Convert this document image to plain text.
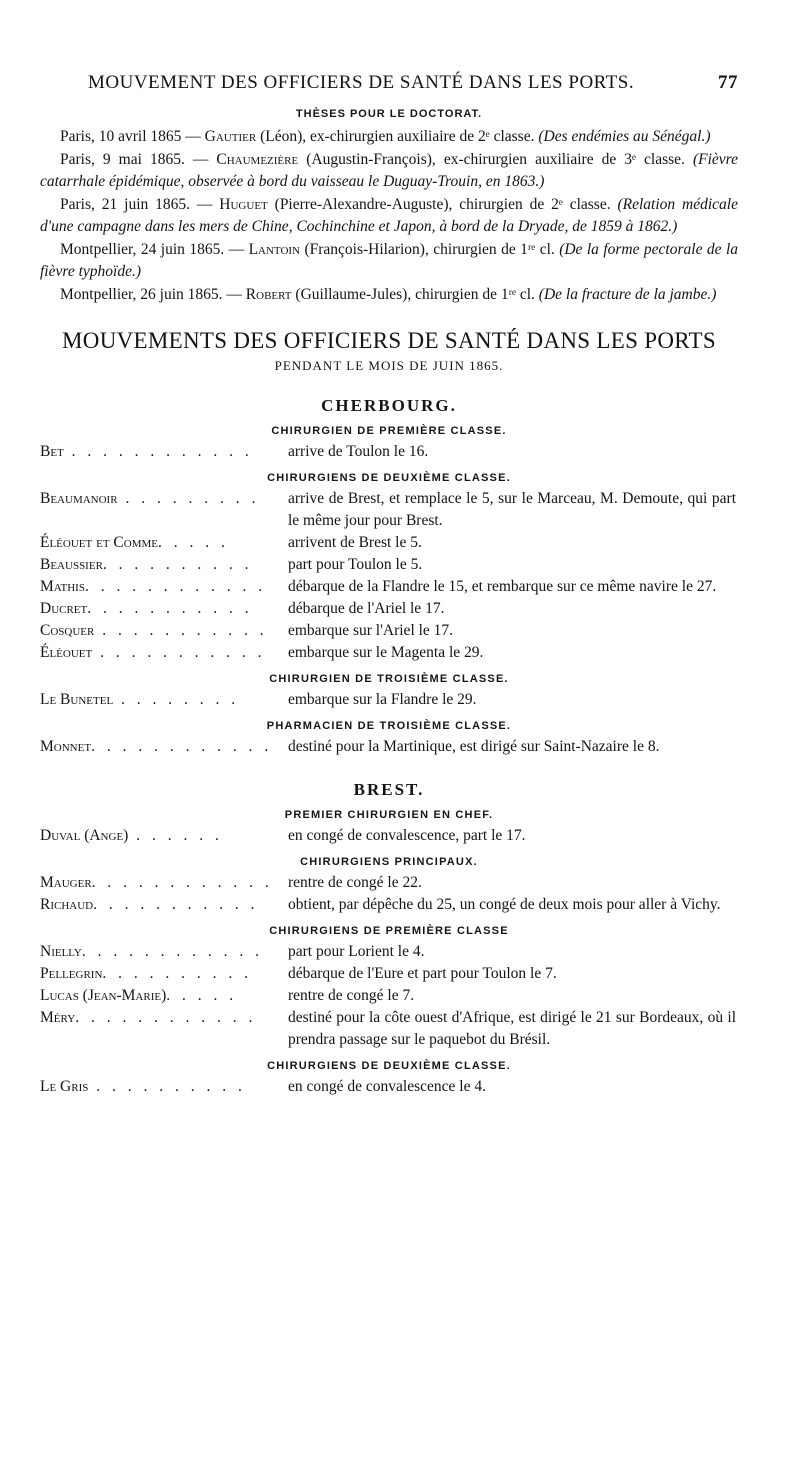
MOUVEMENT DES OFFICIERS DE SANTÉ DANS LES PORTS.	77
THÈSES POUR LE DOCTORAT.

Paris, 10 avril 1865 — Gautier (Léon), ex-chirurgien auxiliaire de 2ᵉ classe. (Des endémies au Sénégal.)

Paris, 9 mai 1865. — Chaumezière (Augustin-François), ex-chirurgien auxiliaire de 3ᵉ classe. (Fièvre catarrhale épidémique, observée à bord du vaisseau le Duguay-Trouin, en 1863.)

Paris, 21 juin 1865. — Huguet (Pierre-Alexandre-Auguste), chirurgien de 2ᵉ classe. (Relation médicale d'une campagne dans les mers de Chine, Cochinchine et Japon, à bord de la Dryade, de 1859 à 1862.)

Montpellier, 24 juin 1865. — Lantoin (François-Hilarion), chirurgien de 1ʳᵉ cl. (De la forme pectorale de la fièvre typhoïde.)

Montpellier, 26 juin 1865. — Robert (Guillaume-Jules), chirurgien de 1ʳᵉ cl. (De la fracture de la jambe.)

MOUVEMENTS DES OFFICIERS DE SANTÉ DANS LES PORTS
PENDANT LE MOIS DE JUIN 1865.
CHERBOURG.
CHIRURGIEN DE PREMIÈRE CLASSE.
Bet . . . . . . . . . . . .	arrive de Toulon le 16.
CHIRURGIENS DE DEUXIÈME CLASSE.
Beaumanoir . . . . . . . . .	arrive de Brest, et remplace le 5, sur le Marceau, M. Demoute, qui part le même jour pour Brest.
Éléouet et Comme. . . . .	arrivent de Brest le 5.
Beaussier. . . . . . . . . .	part pour Toulon le 5.
Mathis. . . . . . . . . . . .	débarque de la Flandre le 15, et rembarque sur ce même navire le 27.
Ducret. . . . . . . . . . .	débarque de l'Ariel le 17.
Cosquer . . . . . . . . . . .	embarque sur l'Ariel le 17.
Éléouet . . . . . . . . . . .	embarque sur le Magenta le 29.
CHIRURGIEN DE TROISIÈME CLASSE.
Le Bunetel . . . . . . . .	embarque sur la Flandre le 29.
PHARMACIEN DE TROISIÈME CLASSE.
Monnet. . . . . . . . . . . .	destiné pour la Martinique, est dirigé sur Saint-Nazaire le 8.
BREST.
PREMIER CHIRURGIEN EN CHEF.
Duval (Ange) . . . . . .	en congé de convalescence, part le 17.
CHIRURGIENS PRINCIPAUX.
Mauger. . . . . . . . . . . . rentre de congé le 22.
Richaud. . . . . . . . . . .	obtient, par dépêche du 25, un congé de deux mois pour aller à Vichy.
CHIRURGIENS DE PREMIÈRE CLASSE
Nielly. . . . . . . . . . . .	part pour Lorient le 4.
Pellegrin. . . . . . . . . .	débarque de l'Eure et part pour Toulon le 7.
Lucas (Jean-Marie). . . . .	rentre de congé le 7.
Méry. . . . . . . . . . . .	destiné pour la côte ouest d'Afrique, est dirigé le 21 sur Bordeaux, où il prendra passage sur le paquebot du Brésil.
CHIRURGIENS DE DEUXIÈME CLASSE.
Le Gris . . . . . . . . . .	en congé de convalescence le 4.
